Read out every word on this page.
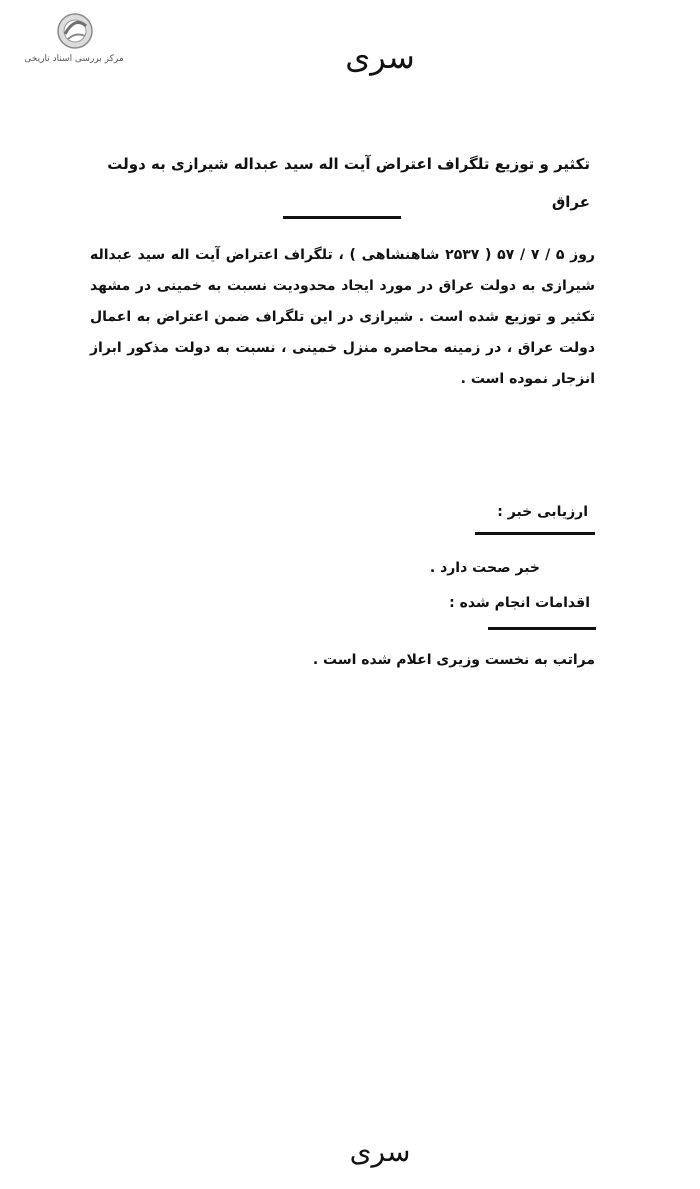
مرکز بررسی اسناد تاریخی	سری
تکثیر و توزیع تلگراف اعتراض آیت اله سید عبداله شیرازی به دولت عراق
روز ۵ / ۷ / ۵۷ ( ۲۵۳۷ شاهنشاهی ) ، تلگراف اعتراض آیت اله سید عبداله شیرازی به دولت عراق در مورد ایجاد محدودیت نسبت به خمینی در مشهد تکثیر و توزیع شده است . شیرازی در این تلگراف ضمن اعتراض به اعمال دولت عراق ، در زمینه محاصره منزل خمینی ، نسبت به دولت مذکور ابراز انزجار نموده است .
ارزیابی خبر :
خبر صحت دارد .
اقدامات انجام شده :
مراتب به نخست وزیری اعلام شده است .
سری
